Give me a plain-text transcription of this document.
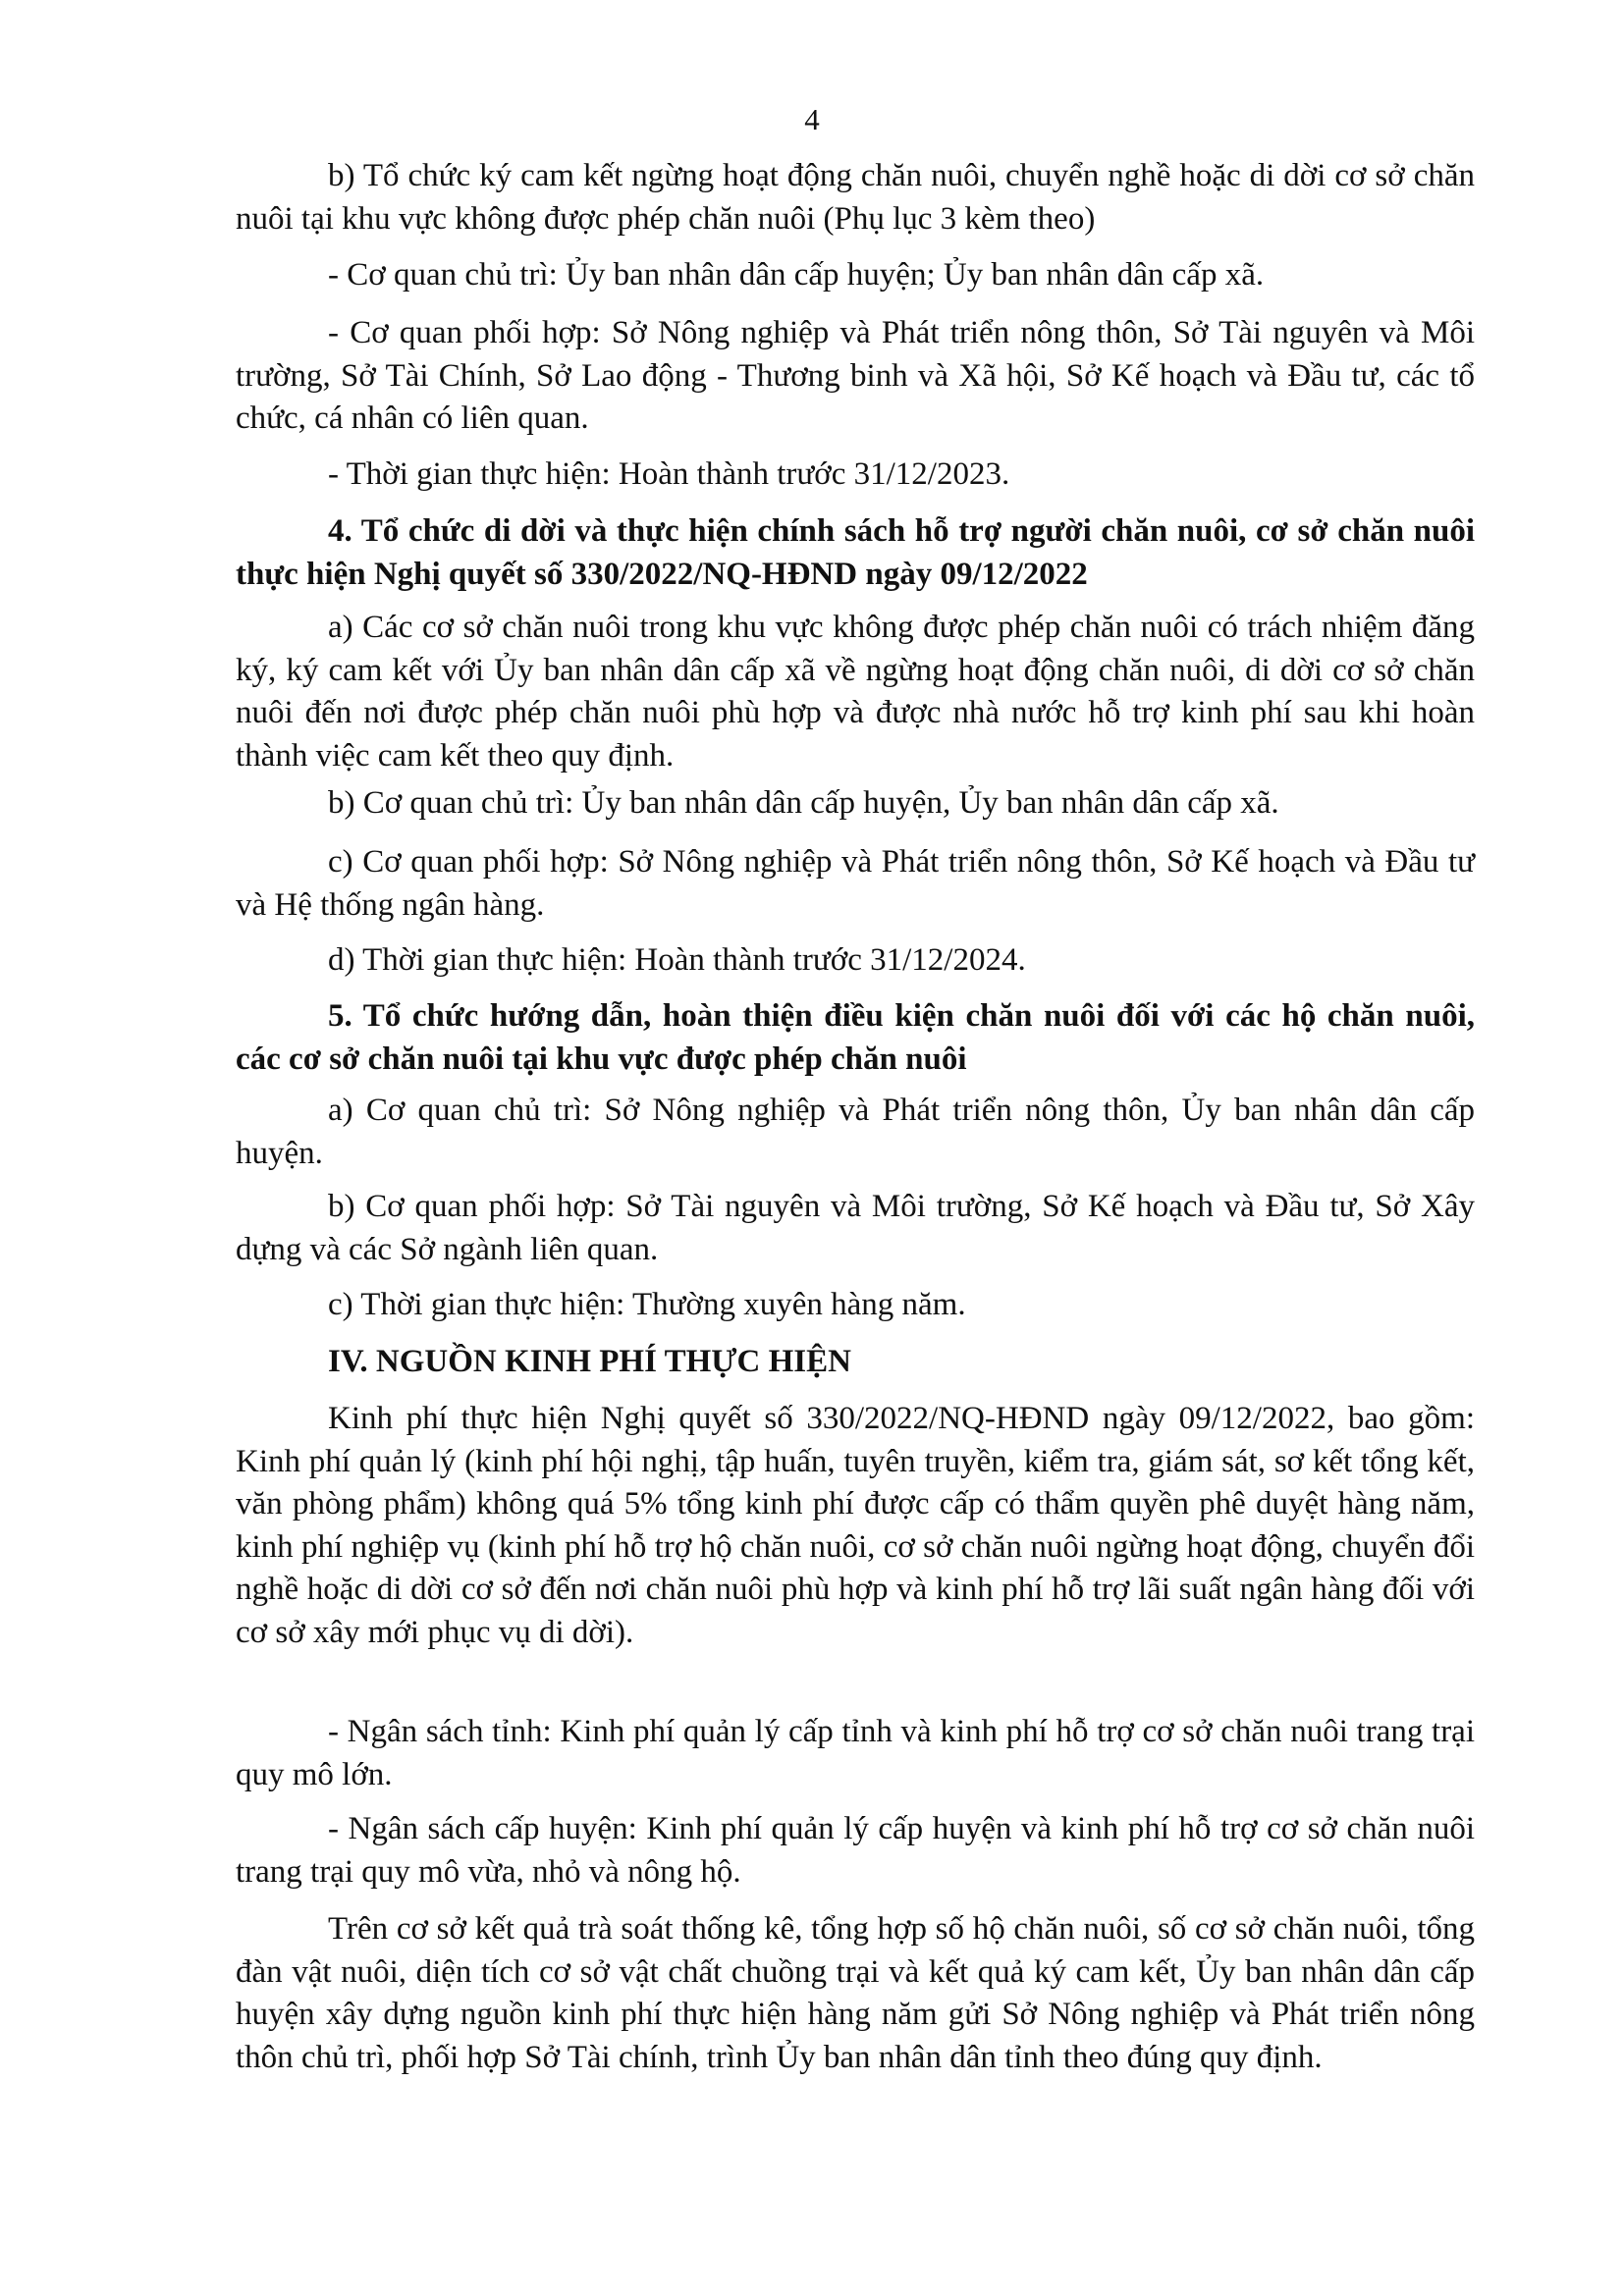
4

b) Tổ chức ký cam kết ngừng hoạt động chăn nuôi, chuyển nghề hoặc di dời cơ sở chăn nuôi tại khu vực không được phép chăn nuôi (Phụ lục 3 kèm theo)

- Cơ quan chủ trì: Ủy ban nhân dân cấp huyện; Ủy ban nhân dân cấp xã.

- Cơ quan phối hợp: Sở Nông nghiệp và Phát triển nông thôn, Sở Tài nguyên và Môi trường, Sở Tài Chính, Sở Lao động - Thương binh và Xã hội, Sở Kế hoạch và Đầu tư, các tổ chức, cá nhân có liên quan.

- Thời gian thực hiện: Hoàn thành trước 31/12/2023.

4. Tổ chức di dời và thực hiện chính sách hỗ trợ người chăn nuôi, cơ sở chăn nuôi thực hiện Nghị quyết số 330/2022/NQ-HĐND ngày 09/12/2022

a) Các cơ sở chăn nuôi trong khu vực không được phép chăn nuôi có trách nhiệm đăng ký, ký cam kết với Ủy ban nhân dân cấp xã về ngừng hoạt động chăn nuôi, di dời cơ sở chăn nuôi đến nơi được phép chăn nuôi phù hợp và được nhà nước hỗ trợ kinh phí sau khi hoàn thành việc cam kết theo quy định.

b) Cơ quan chủ trì: Ủy ban nhân dân cấp huyện, Ủy ban nhân dân cấp xã.

c) Cơ quan phối hợp: Sở Nông nghiệp và Phát triển nông thôn, Sở Kế hoạch và Đầu tư và Hệ thống ngân hàng.

d) Thời gian thực hiện: Hoàn thành trước 31/12/2024.

5. Tổ chức hướng dẫn, hoàn thiện điều kiện chăn nuôi đối với các hộ chăn nuôi, các cơ sở chăn nuôi tại khu vực được phép chăn nuôi

a) Cơ quan chủ trì: Sở Nông nghiệp và Phát triển nông thôn, Ủy ban nhân dân cấp huyện.

b) Cơ quan phối hợp: Sở Tài nguyên và Môi trường, Sở Kế hoạch và Đầu tư, Sở Xây dựng và các Sở ngành liên quan.

c) Thời gian thực hiện: Thường xuyên hàng năm.

IV. NGUỒN KINH PHÍ THỰC HIỆN

Kinh phí thực hiện Nghị quyết số 330/2022/NQ-HĐND ngày 09/12/2022, bao gồm: Kinh phí quản lý (kinh phí hội nghị, tập huấn, tuyên truyền, kiểm tra, giám sát, sơ kết tổng kết, văn phòng phẩm) không quá 5% tổng kinh phí được cấp có thẩm quyền phê duyệt hàng năm, kinh phí nghiệp vụ (kinh phí hỗ trợ hộ chăn nuôi, cơ sở chăn nuôi ngừng hoạt động, chuyển đổi nghề hoặc di dời cơ sở đến nơi chăn nuôi phù hợp và kinh phí hỗ trợ lãi suất ngân hàng đối với cơ sở xây mới phục vụ di dời).

- Ngân sách tỉnh: Kinh phí quản lý cấp tỉnh và kinh phí hỗ trợ cơ sở chăn nuôi trang trại quy mô lớn.

- Ngân sách cấp huyện: Kinh phí quản lý cấp huyện và kinh phí hỗ trợ cơ sở chăn nuôi trang trại quy mô vừa, nhỏ và nông hộ.

Trên cơ sở kết quả trà soát thống kê, tổng hợp số hộ chăn nuôi, số cơ sở chăn nuôi, tổng đàn vật nuôi, diện tích cơ sở vật chất chuồng trại và kết quả ký cam kết, Ủy ban nhân dân cấp huyện xây dựng nguồn kinh phí thực hiện hàng năm gửi Sở Nông nghiệp và Phát triển nông thôn chủ trì, phối hợp Sở Tài chính, trình Ủy ban nhân dân tỉnh theo đúng quy định.
